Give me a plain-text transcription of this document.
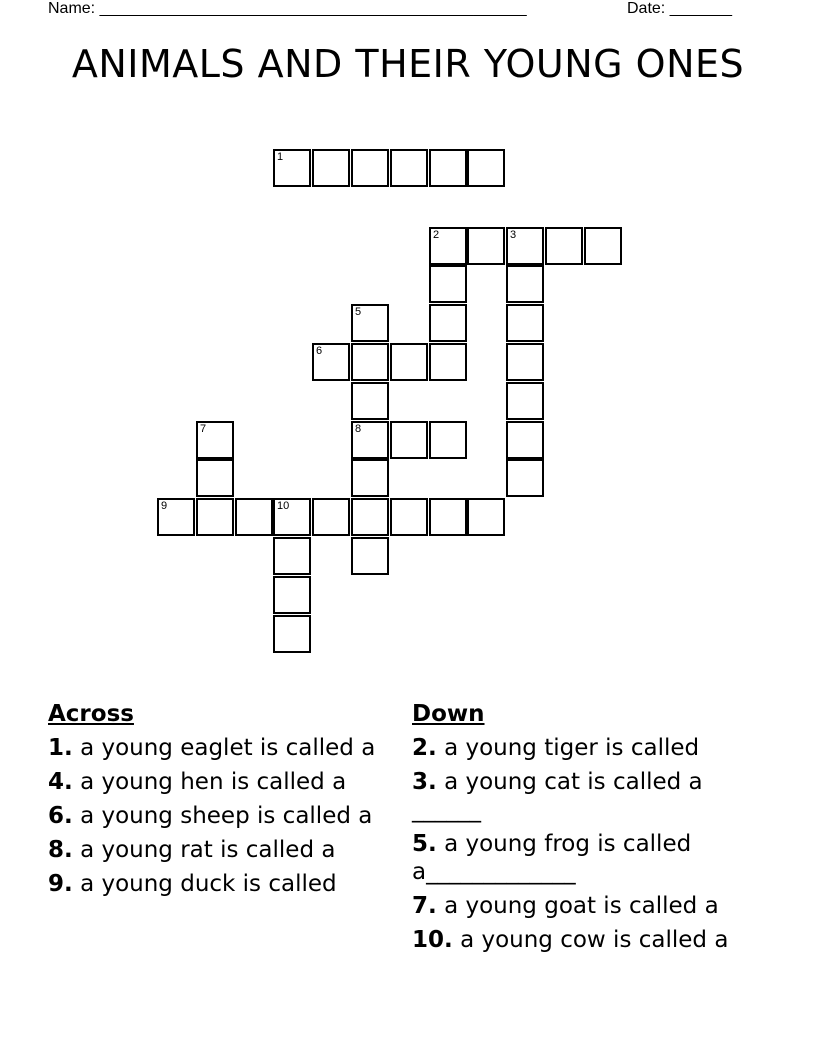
Name: ________________________________________________	Date: _______
ANIMALS AND THEIR YOUNG ONES
1
2	3
6
8
9	10
5
7
Across
1. a young eaglet is called a
4. a young hen is called a
6. a young sheep is called a
8. a young rat is called a
9. a young duck is called
Down
2. a young tiger is called
3. a young cat is called a ______
5. a young frog is called a_____________
7. a young goat is called a
10. a young cow is called a
